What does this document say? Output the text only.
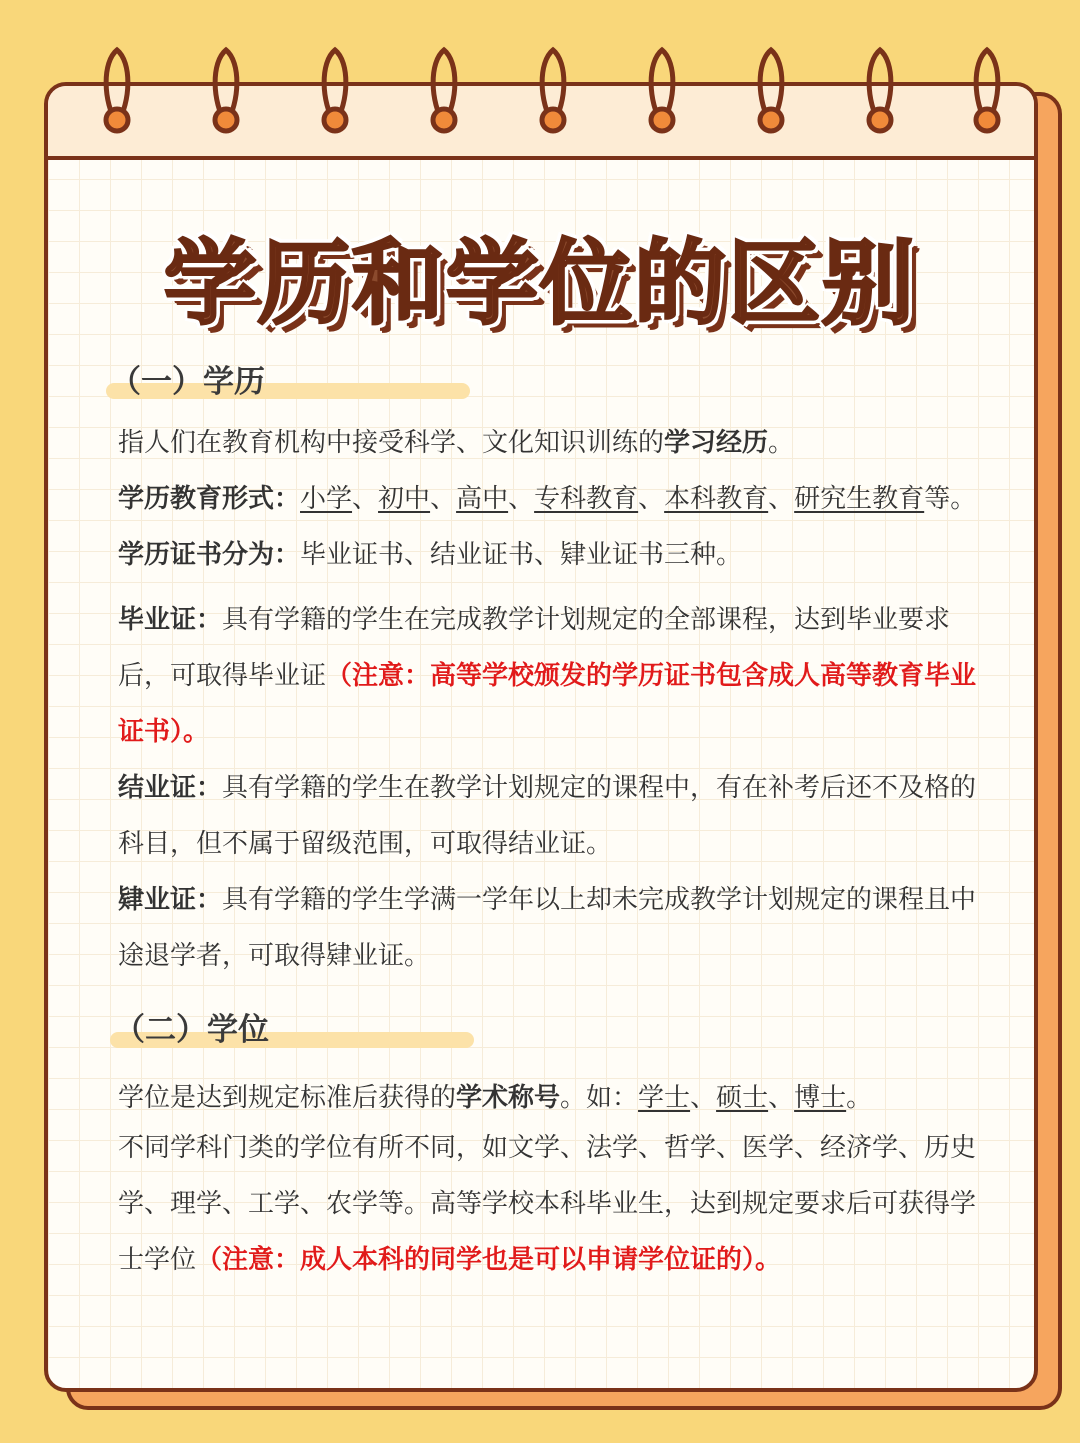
学历和学位的区别
（一）学历

指人们在教育机构中接受科学、文化知识训练的学习经历。

学历教育形式：小学、初中、高中、专科教育、本科教育、研究生教育等。

学历证书分为：毕业证书、结业证书、肄业证书三种。

毕业证：具有学籍的学生在完成教学计划规定的全部课程，达到毕业要求后，可取得毕业证（注意：高等学校颁发的学历证书包含成人高等教育毕业证书）。

结业证：具有学籍的学生在教学计划规定的课程中，有在补考后还不及格的科目，但不属于留级范围，可取得结业证。

肄业证：具有学籍的学生学满一学年以上却未完成教学计划规定的课程且中途退学者，可取得肄业证。

（二）学位

学位是达到规定标准后获得的学术称号。如：学士、硕士、博士。

不同学科门类的学位有所不同，如文学、法学、哲学、医学、经济学、历史学、理学、工学、农学等。高等学校本科毕业生，达到规定要求后可获得学士学位（注意：成人本科的同学也是可以申请学位证的）。
